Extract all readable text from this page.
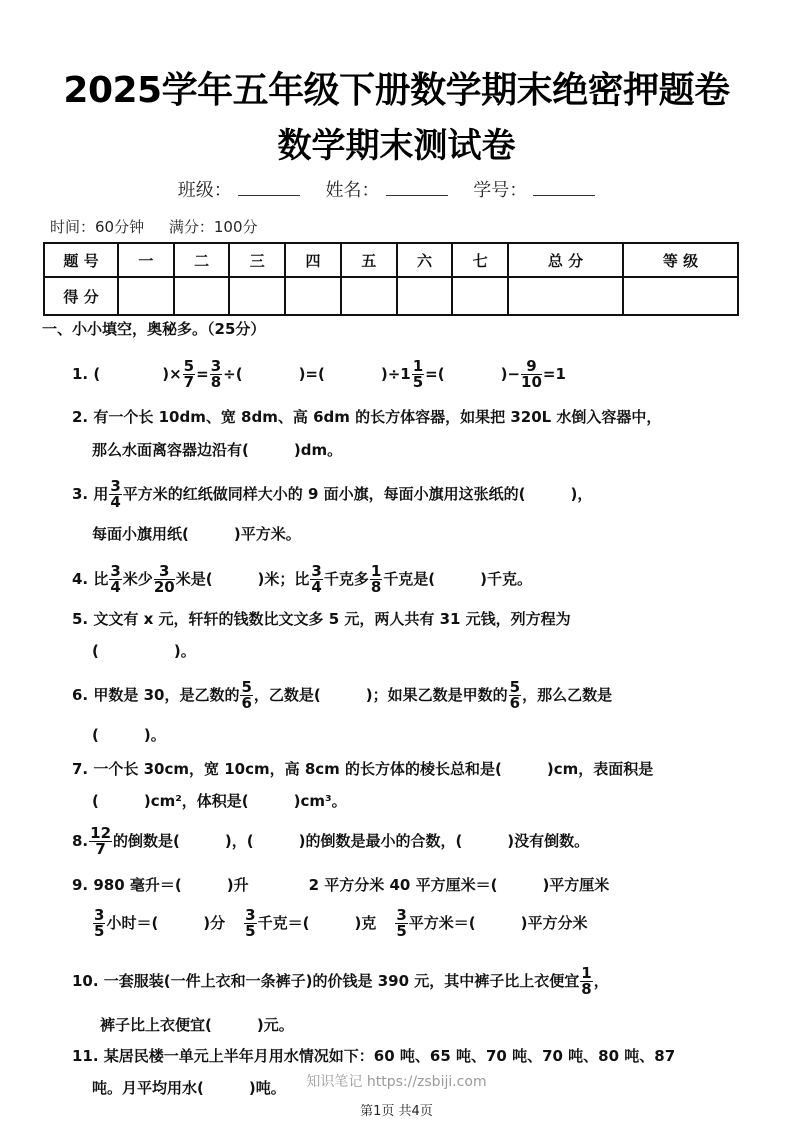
2025学年五年级下册数学期末绝密押题卷
数学期末测试卷
班级：	姓名：	学号：
时间：60分钟 满分：100分
题 号	一	二	三	四	五	六	七	总 分	等 级
得 分									
一、小小填空，奥秘多。（25分）
1. (	)× $\frac{5}{7} = \frac{3}{8}$ ÷(	)=(	)$\div 1 \frac{1}{5}$ =(	)− $\frac{9}{10} =1$
2. 有一个长 10dm、宽 8dm、高 6dm 的长方体容器，如果把 320L 水倒入容器中，
那么水面离容器边沿有(　　　)dm。
3. 用 $\frac{3}{4}$ 平方米的红纸做同样大小的 9 面小旗，每面小旗用这张纸的(　　　)，
每面小旗用纸(　　　)平方米。
4. 比 $\frac{3}{4}$ 米少 $\frac{3}{20}$ 米是(　　　)米；比 $\frac{3}{4}$ 千克多 $\frac{1}{8}$ 千克是(　　　)千克。
5. 文文有 x 元，轩轩的钱数比文文多 5 元，两人共有 31 元钱，列方程为
(　　　　　)。
6. 甲数是 30，是乙数的 $\frac{5}{6}$ ，乙数是(　　　)；如果乙数是甲数的 $\frac{5}{6}$ ，那么乙数是
(　　　)。
7. 一个长 30cm，宽 10cm，高 8cm 的长方体的棱长总和是(　　　)cm，表面积是
(　　　)cm²，体积是(　　　)cm³。
8. $\frac{12}{7}$ 的倒数是(　　　)，(　　　)的倒数是最小的合数，(　　　)没有倒数。
9. 980 毫升＝(　　　)升	2 平方分米 40 平方厘米＝(　　　)平方厘米
$\frac{3}{5}$ 小时＝(　　　)分 $\frac{3}{5}$ 千克＝(　　　)克 $\frac{3}{5}$ 平方米＝(　　　)平方分米
10. 一套服装(一件上衣和一条裤子)的价钱是 390 元，其中裤子比上衣便宜 $\frac{1}{8}$ ，
裤子比上衣便宜(　　　)元。
11. 某居民楼一单元上半年月用水情况如下：60 吨、65 吨、70 吨、70 吨、80 吨、87
吨。月平均用水(　　　)吨。	知识笔记 https://zsbiji.com
第1页 共4页
